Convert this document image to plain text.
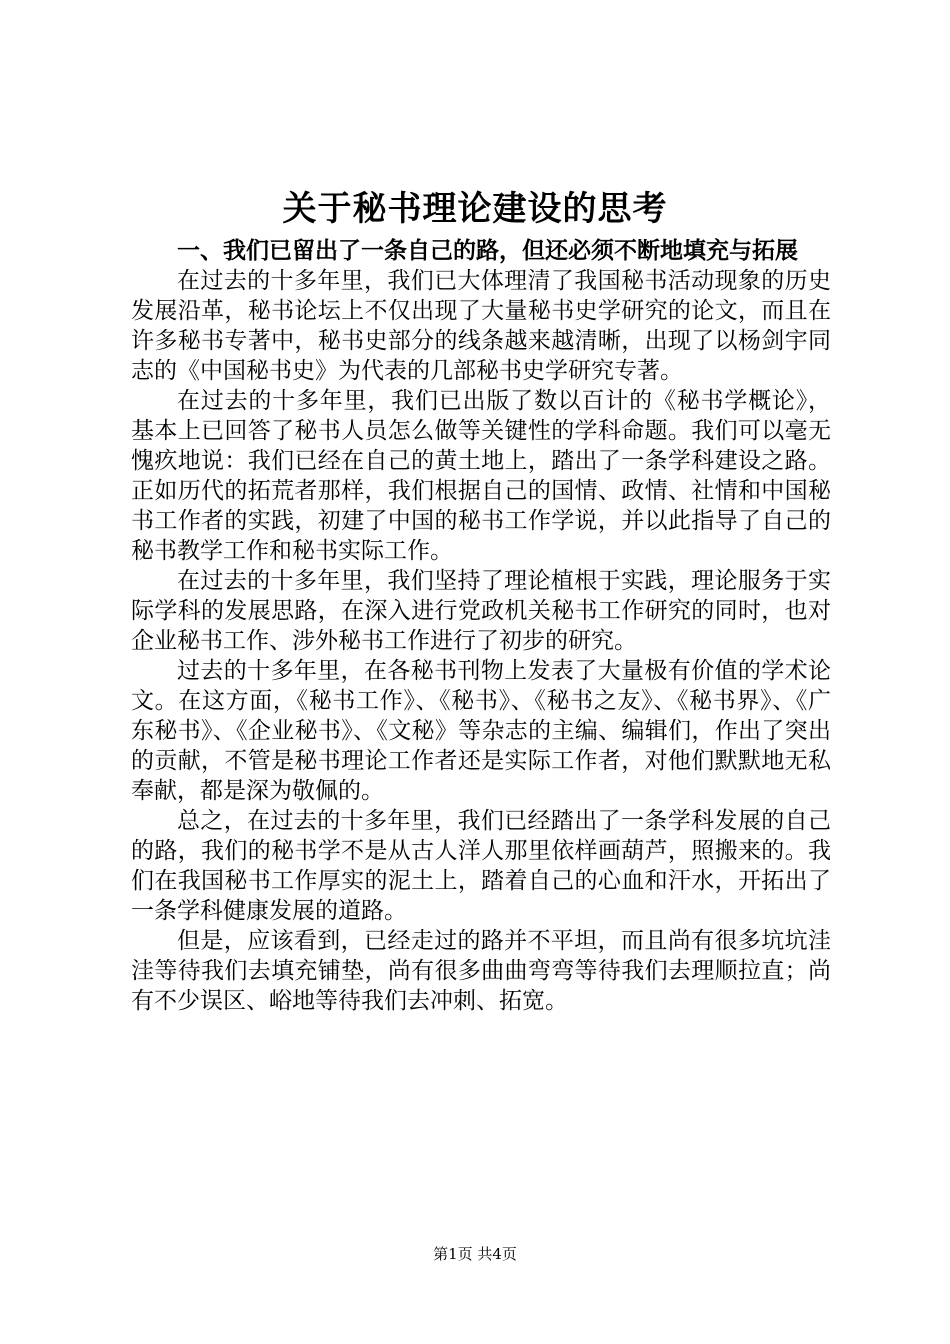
关于秘书理论建设的思考

一、我们已留出了一条自己的路，但还必须不断地填充与拓展

在过去的十多年里，我们已大体理清了我国秘书活动现象的历史发展沿革，秘书论坛上不仅出现了大量秘书史学研究的论文，而且在许多秘书专著中，秘书史部分的线条越来越清晰，出现了以杨剑宇同志的《中国秘书史》为代表的几部秘书史学研究专著。

在过去的十多年里，我们已出版了数以百计的《秘书学概论》，基本上已回答了秘书人员怎么做等关键性的学科命题。我们可以毫无愧疚地说：我们已经在自己的黄土地上，踏出了一条学科建设之路。正如历代的拓荒者那样，我们根据自己的国情、政情、社情和中国秘书工作者的实践，初建了中国的秘书工作学说，并以此指导了自己的秘书教学工作和秘书实际工作。

在过去的十多年里，我们坚持了理论植根于实践，理论服务于实际学科的发展思路，在深入进行党政机关秘书工作研究的同时，也对企业秘书工作、涉外秘书工作进行了初步的研究。

过去的十多年里，在各秘书刊物上发表了大量极有价值的学术论文。在这方面，《秘书工作》、《秘书》、《秘书之友》、《秘书界》、《广东秘书》、《企业秘书》、《文秘》等杂志的主编、编辑们，作出了突出的贡献，不管是秘书理论工作者还是实际工作者，对他们默默地无私奉献，都是深为敬佩的。

总之，在过去的十多年里，我们已经踏出了一条学科发展的自己的路，我们的秘书学不是从古人洋人那里依样画葫芦，照搬来的。我们在我国秘书工作厚实的泥土上，踏着自己的心血和汗水，开拓出了一条学科健康发展的道路。

但是，应该看到，已经走过的路并不平坦，而且尚有很多坑坑洼洼等待我们去填充铺垫，尚有很多曲曲弯弯等待我们去理顺拉直；尚有不少误区、峪地等待我们去冲刺、拓宽。

第1页 共4页
